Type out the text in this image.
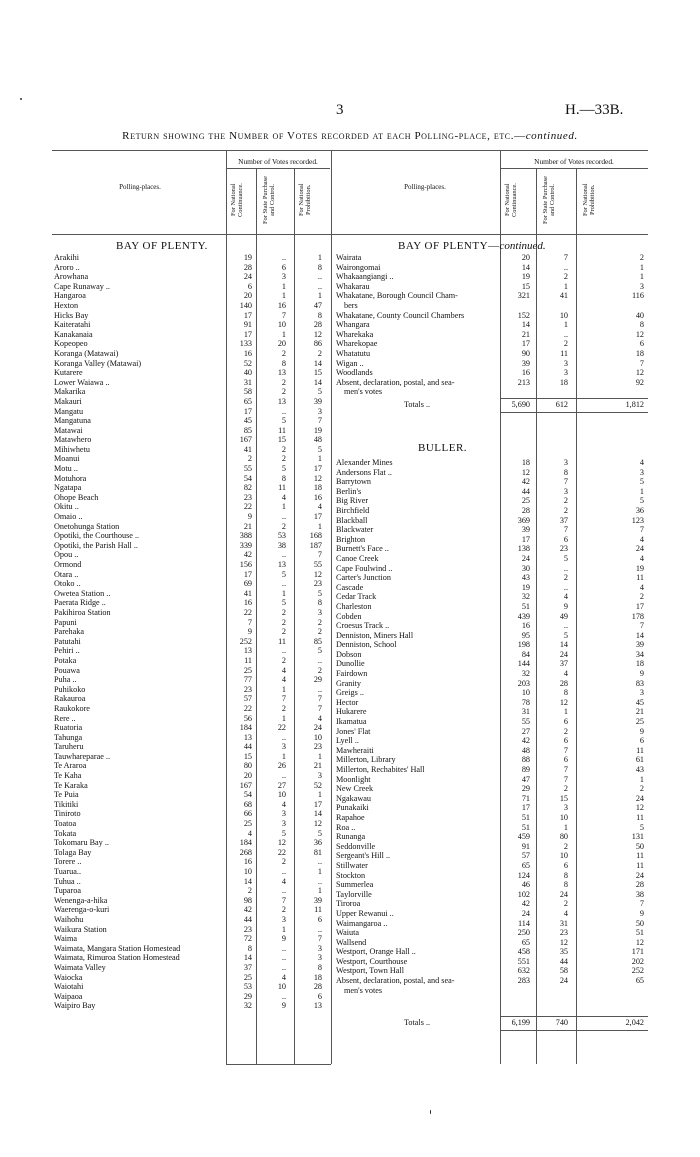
3	H.—33B.
Return showing the Number of Votes recorded at each Polling-place, etc.—continued.
Polling-places.
Number of Votes recorded.
For National Continuance.	For State Purchase and Control.	For National Prohibition.	Polling-places.
Number of Votes recorded.
For National Continuance.	For State Purchase and Control.	For National Prohibition.
BAY OF PLENTY.	BAY OF PLENTY—continued.
BULLER.
Arakihi	19	..	1
Aroro ..	28	6	8
Arowhana	24	3	..
Cape Runaway ..	6	1	..
Hangaroa	20	1	1
Hexton	140	16	47
Hicks Bay	17	7	8
Kaiteratahi	91	10	28
Kanakanaia	17	1	12
Kopeopeo	133	20	86
Koranga (Matawai)	16	2	2
Koranga Valley (Matawai)	52	8	14
Kutarere	40	13	15
Lower Waiawa ..	31	2	14
Makarika	58	2	5
Makauri	65	13	39
Mangatu	17	..	3
Mangatuna	45	5	7
Matawai	85	11	19
Matawhero	167	15	48
Mihiwhetu	41	2	5
Moanui	2	2	1
Motu ..	55	5	17
Motuhora	54	8	12
Ngatapa	82	11	18
Ohope Beach	23	4	16
Okitu ..	22	1	4
Omaio ..	9	..	17
Onetohunga Station	21	2	1
Opotiki, the Courthouse ..	388	53	168
Opotiki, the Parish Hall ..	339	38	187
Opou ..	42	..	7
Ormond	156	13	55
Otara ..	17	5	12
Otoko ..	69	..	23
Oweteа Station ..	41	1	5
Paerata Ridge ..	16	5	8
Pakihiroa Station	22	2	3
Papuni	7	2	2
Parehaka	9	2	2
Patutahi	252	11	85
Pehiri ..	13	..	5
Potaka	11	2	..
Pouawa	25	4	2
Puha ..	77	4	29
Puhikoko	23	1	..
Rakauroa	57	7	7
Raukokore	22	2	7
Rere ..	56	1	4
Ruatoria	184	22	24
Tahunga	13	..	10
Taruheru	44	3	23
Tauwhareparae ..	15	1	1
Te Araroa	80	26	21
Te Kaha	20	..	3
Te Karaka	167	27	52
Te Puia	54	10	1
Tikitiki	68	4	17
Tiniroto	66	3	14
Toatoa	25	3	12
Tokata	4	5	5
Tokomaru Bay ..	184	12	36
Tolaga Bay	268	22	81
Torere ..	16	2	..
Tuarua..	10	..	1
Tuhua ..	14	4	..
Tuparoa	2	..	1
Wenenga-a-hika	98	7	39
Waerenga-o-kuri	42	2	11
Waihohu	44	3	6
Waikura Station	23	1	..
Waima	72	9	7
Waimata, Mangara Station Homestead	8	..	3
Waimata, Rimuroa Station Homestead	14	..	3
Waimata Valley	37	..	8
Waiocka	25	4	18
Waiotahi	53	10	28
Waipaoa	29	..	6
Waipiro Bay	32	9	13
Wairata	20	7	2
Wairongomai	14	..	1
Whakaangiangi ..	19	2	1
Whakarau	15	1	3
Whakatane, Borough Council Cham-	321	41	116
bers
Whakatane, County Council Chambers	152	10	40
Whangara	14	1	8
Wharekaka	21	..	12
Wharekopae	17	2	6
Whatatutu	90	11	18
Wigan ..	39	3	7
Woodlands	16	3	12
Absent, declaration, postal, and sea-	213	18	92
men's votes
Totals ..	5,690	612	1,812
Alexander Mines	18	3	4
Andersons Flat ..	12	8	3
Barrytown	42	7	5
Berlin's	44	3	1
Big River	25	2	5
Birchfield	28	2	36
Blackball	369	37	123
Blackwater	39	7	7
Brighton	17	6	4
Burnett's Face ..	138	23	24
Canoe Creek	24	5	4
Cape Foulwind ..	30	..	19
Carter's Junction	43	2	11
Cascade	19	..	4
Cedar Track	32	4	2
Charleston	51	9	17
Cobden	439	49	178
Croesus Track ..	16	..	7
Denniston, Miners Hall	95	5	14
Denniston, School	198	14	39
Dobson	84	24	34
Dunollie	144	37	18
Fairdown	32	4	9
Granity	203	28	83
Greigs ..	10	8	3
Hector	78	12	45
Hukarere	31	1	21
Ikamatua	55	6	25
Jones' Flat	27	2	9
Lyell ..	42	6	6
Mawheraiti	48	7	11
Millerton, Library	88	6	61
Millerton, Rechabites' Hall	89	7	43
Moonlight	47	7	1
New Creek	29	2	2
Ngakawau	71	15	24
Punakaiki	17	3	12
Rapahoe	51	10	11
Roa ..	51	1	5
Runanga	459	80	131
Seddonville	91	2	50
Sergeant's Hill ..	57	10	11
Stillwater	65	6	11
Stockton	124	8	24
Summerlea	46	8	28
Taylorville	102	24	38
Tiroroa	42	2	7
Upper Rewanui ..	24	4	9
Waimangaroa ..	114	31	50
Waiuta	250	23	51
Wallsend	65	12	12
Westport, Orange Hall ..	458	35	171
Westport, Courthouse	551	44	202
Westport, Town Hall	632	58	252
Absent, declaration, postal, and sea-	283	24	65
men's votes
Totals ..	6,199	740	2,042
